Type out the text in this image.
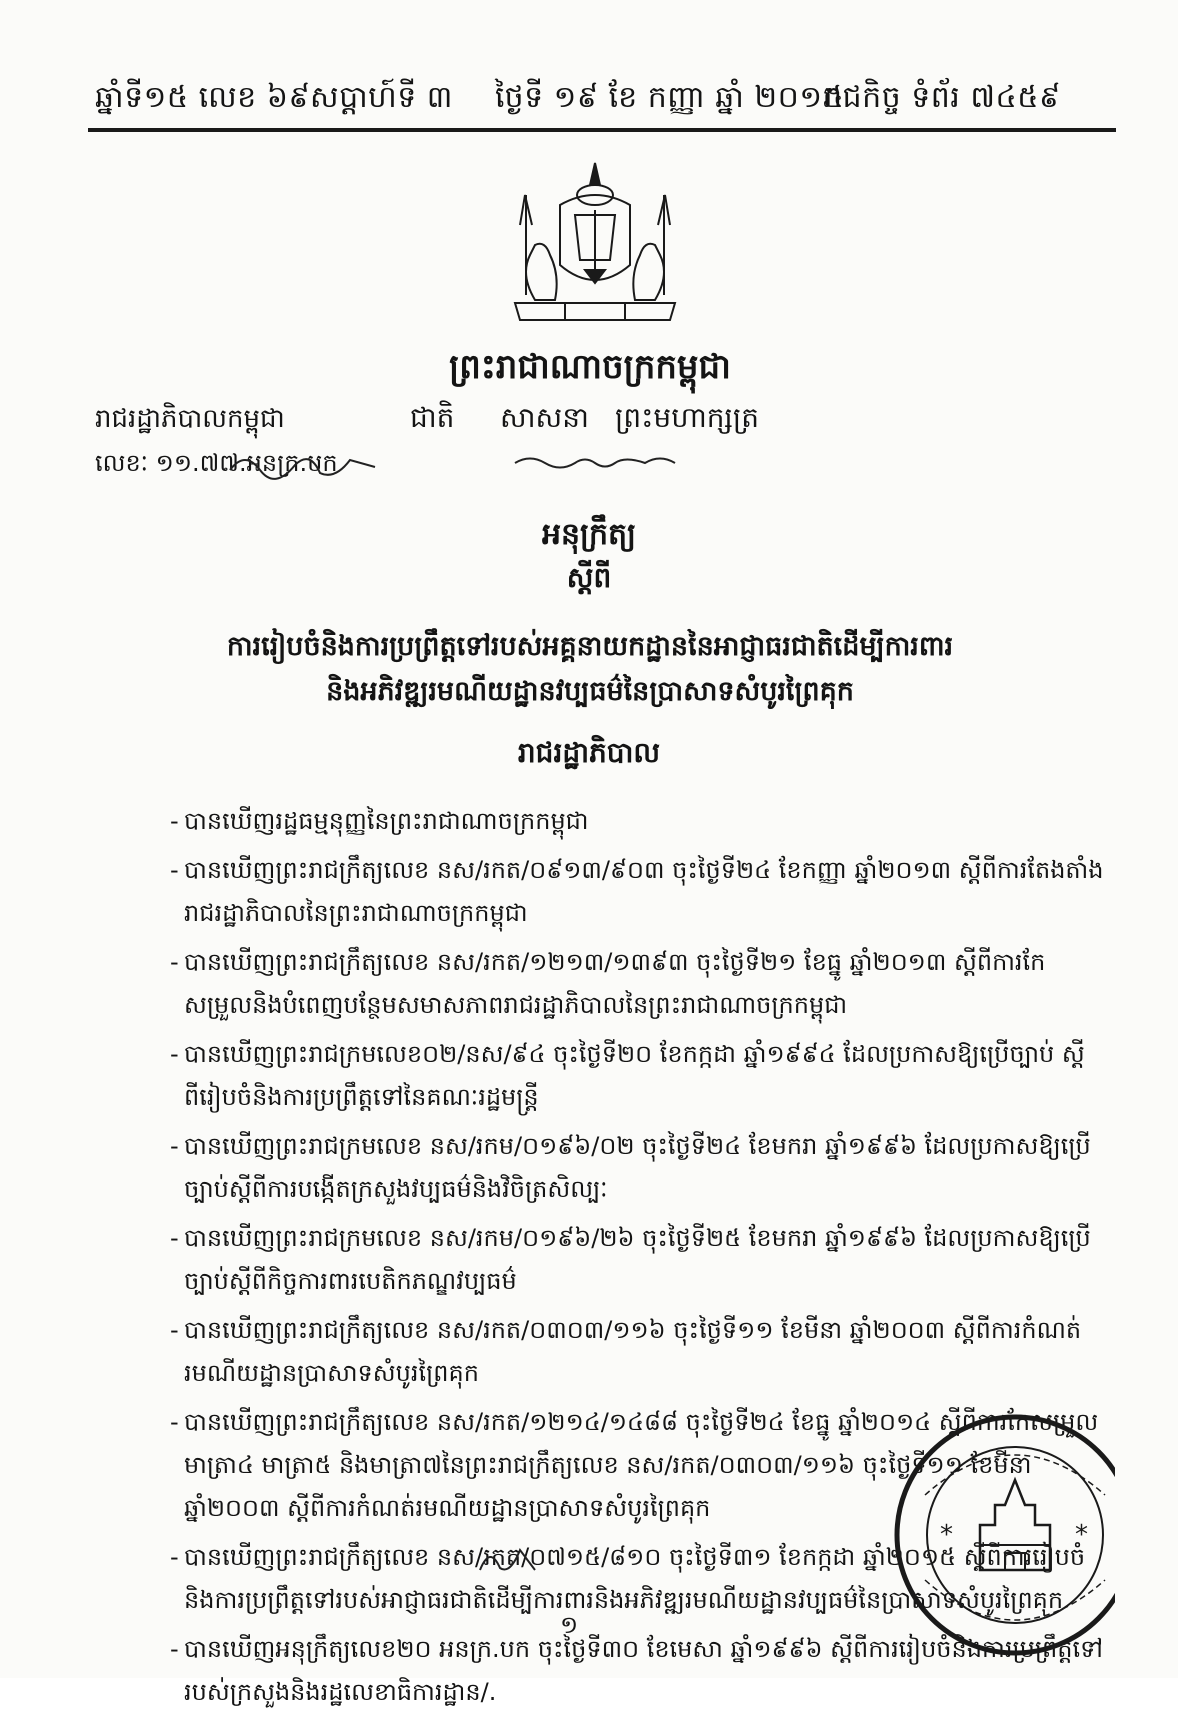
ឆ្នាំទី១៥ លេខ ៦៩ សប្តាហ៍ទី ៣ ថ្ងៃទី ១៩ ខែ កញ្ញា ឆ្នាំ ២០១៥
រាជកិច្ច ទំព័រ ៧៤៥៩
ព្រះរាជាណាចក្រកម្ពុជា
រាជរដ្ឋាភិបាលកម្ពុជា	ជាតិ សាសនា ព្រះមហាក្សត្រ
លេខៈ ១១.៧៧.អនក្រ.បក
អនុក្រឹត្យ
ស្តីពី
ការរៀបចំនិងការប្រព្រឹត្តទៅរបស់អគ្គនាយកដ្ឋាននៃអាជ្ញាធរជាតិដើម្បីការពារ
និងអភិវឌ្ឍរមណីយដ្ឋានវប្បធម៌នៃប្រាសាទសំបូរព្រៃគុក
រាជរដ្ឋាភិបាល
- បានឃើញរដ្ឋធម្មនុញ្ញនៃព្រះរាជាណាចក្រកម្ពុជា
- បានឃើញព្រះរាជក្រឹត្យលេខ នស/រកត/០៩១៣/៩០៣ ចុះថ្ងៃទី២៤ ខែកញ្ញា ឆ្នាំ២០១៣ ស្តីពីការតែងតាំង រាជរដ្ឋាភិបាលនៃព្រះរាជាណាចក្រកម្ពុជា
- បានឃើញព្រះរាជក្រឹត្យលេខ នស/រកត/១២១៣/១៣៩៣ ចុះថ្ងៃទី២១ ខែធ្នូ ឆ្នាំ២០១៣ ស្តីពីការកែ សម្រួលនិងបំពេញបន្ថែមសមាសភាពរាជរដ្ឋាភិបាលនៃព្រះរាជាណាចក្រកម្ពុជា
- បានឃើញព្រះរាជក្រមលេខ០២/នស/៩៤ ចុះថ្ងៃទី២០ ខែកក្កដា ឆ្នាំ១៩៩៤ ដែលប្រកាសឱ្យប្រើច្បាប់ ស្តីពីរៀបចំនិងការប្រព្រឹត្តទៅនៃគណៈរដ្ឋមន្ត្រី
- បានឃើញព្រះរាជក្រមលេខ នស/រកម/០១៩៦/០២ ចុះថ្ងៃទី២៤ ខែមករា ឆ្នាំ១៩៩៦ ដែលប្រកាសឱ្យប្រើ ច្បាប់ស្តីពីការបង្កើតក្រសួងវប្បធម៌និងវិចិត្រសិល្បៈ
- បានឃើញព្រះរាជក្រមលេខ នស/រកម/០១៩៦/២៦ ចុះថ្ងៃទី២៥ ខែមករា ឆ្នាំ១៩៩៦ ដែលប្រកាសឱ្យប្រើ ច្បាប់ស្តីពីកិច្ចការពារបេតិកភណ្ឌវប្បធម៌
- បានឃើញព្រះរាជក្រឹត្យលេខ នស/រកត/០៣០៣/១១៦ ចុះថ្ងៃទី១១ ខែមីនា ឆ្នាំ២០០៣ ស្តីពីការកំណត់ រមណីយដ្ឋានប្រាសាទសំបូរព្រៃគុក
- បានឃើញព្រះរាជក្រឹត្យលេខ នស/រកត/១២១៤/១៤៨៨ ចុះថ្ងៃទី២៤ ខែធ្នូ ឆ្នាំ២០១៤ ស្តីពីការកែសម្រួល មាត្រា៤ មាត្រា៥ និងមាត្រា៧នៃព្រះរាជក្រឹត្យលេខ នស/រកត/០៣០៣/១១៦ ចុះថ្ងៃទី១១ ខែមីនា ឆ្នាំ២០០៣ ស្តីពីការកំណត់រមណីយដ្ឋានប្រាសាទសំបូរព្រៃគុក
- បានឃើញព្រះរាជក្រឹត្យលេខ នស/រកត/០៧១៥/៨១០ ចុះថ្ងៃទី៣១ ខែកក្កដា ឆ្នាំ២០១៥ ស្តីពីការរៀបចំ និងការប្រព្រឹត្តទៅរបស់អាជ្ញាធរជាតិដើម្បីការពារនិងអភិវឌ្ឍរមណីយដ្ឋានវប្បធម៌នៃប្រាសាទសំបូរព្រៃគុក
- បានឃើញអនុក្រឹត្យលេខ២០ អនក្រ.បក ចុះថ្ងៃទី៣០ ខែមេសា ឆ្នាំ១៩៩៦ ស្តីពីការរៀបចំនិងការប្រព្រឹត្តទៅ របស់ក្រសួងនិងរដ្ឋលេខាធិការដ្ឋាន/.
*	*
១
